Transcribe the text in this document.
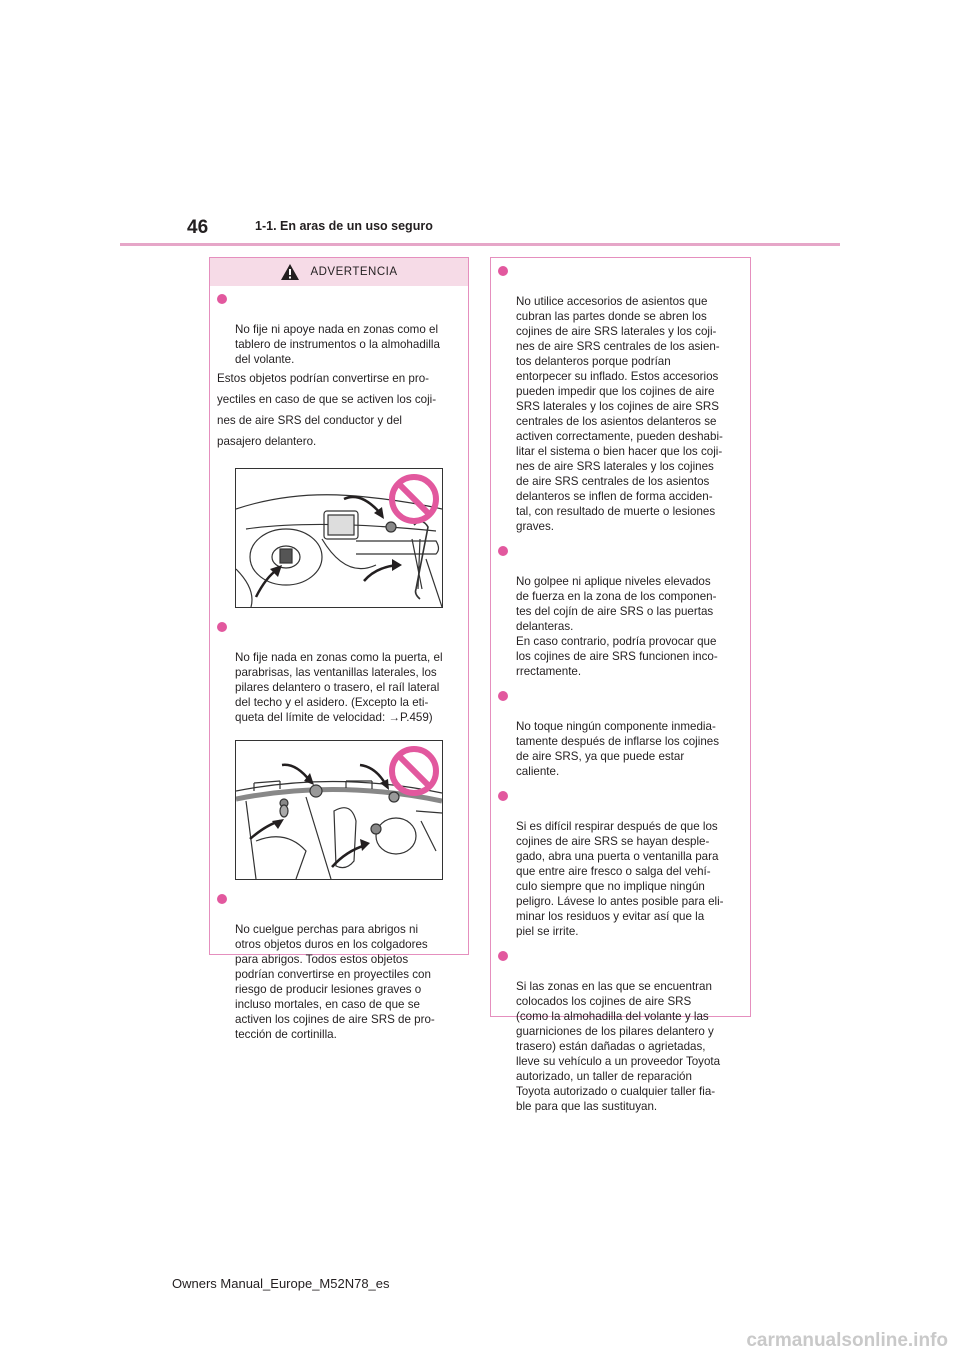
46	1-1. En aras de un uso seguro
ADVERTENCIA

No fije ni apoye nada en zonas como el
tablero de instrumentos o la almohadilla
del volante.

Estos objetos podrían convertirse en pro-
yectiles en caso de que se activen los coji-
nes de aire SRS del conductor y del
pasajero delantero.

No fije nada en zonas como la puerta, el
parabrisas, las ventanillas laterales, los
pilares delantero o trasero, el raíl lateral
del techo y el asidero. (Excepto la eti-
queta del límite de velocidad: →P.459)

No cuelgue perchas para abrigos ni
otros objetos duros en los colgadores
para abrigos. Todos estos objetos
podrían convertirse en proyectiles con
riesgo de producir lesiones graves o
incluso mortales, en caso de que se
activen los cojines de aire SRS de pro-
tección de cortinilla.

No utilice accesorios de asientos que
cubran las partes donde se abren los
cojines de aire SRS laterales y los coji-
nes de aire SRS centrales de los asien-
tos delanteros porque podrían
entorpecer su inflado. Estos accesorios
pueden impedir que los cojines de aire
SRS laterales y los cojines de aire SRS
centrales de los asientos delanteros se
activen correctamente, pueden deshabi-
litar el sistema o bien hacer que los coji-
nes de aire SRS laterales y los cojines
de aire SRS centrales de los asientos
delanteros se inflen de forma acciden-
tal, con resultado de muerte o lesiones
graves.

No golpee ni aplique niveles elevados
de fuerza en la zona de los componen-
tes del cojín de aire SRS o las puertas
delanteras.
En caso contrario, podría provocar que
los cojines de aire SRS funcionen inco-
rrectamente.

No toque ningún componente inmedia-
tamente después de inflarse los cojines
de aire SRS, ya que puede estar
caliente.

Si es difícil respirar después de que los
cojines de aire SRS se hayan desple-
gado, abra una puerta o ventanilla para
que entre aire fresco o salga del vehí-
culo siempre que no implique ningún
peligro. Lávese lo antes posible para eli-
minar los residuos y evitar así que la
piel se irrite.

Si las zonas en las que se encuentran
colocados los cojines de aire SRS
(como la almohadilla del volante y las
guarniciones de los pilares delantero y
trasero) están dañadas o agrietadas,
lleve su vehículo a un proveedor Toyota
autorizado, un taller de reparación
Toyota autorizado o cualquier taller fia-
ble para que las sustituyan.

Owners Manual_Europe_M52N78_es
carmanualsonline.info
